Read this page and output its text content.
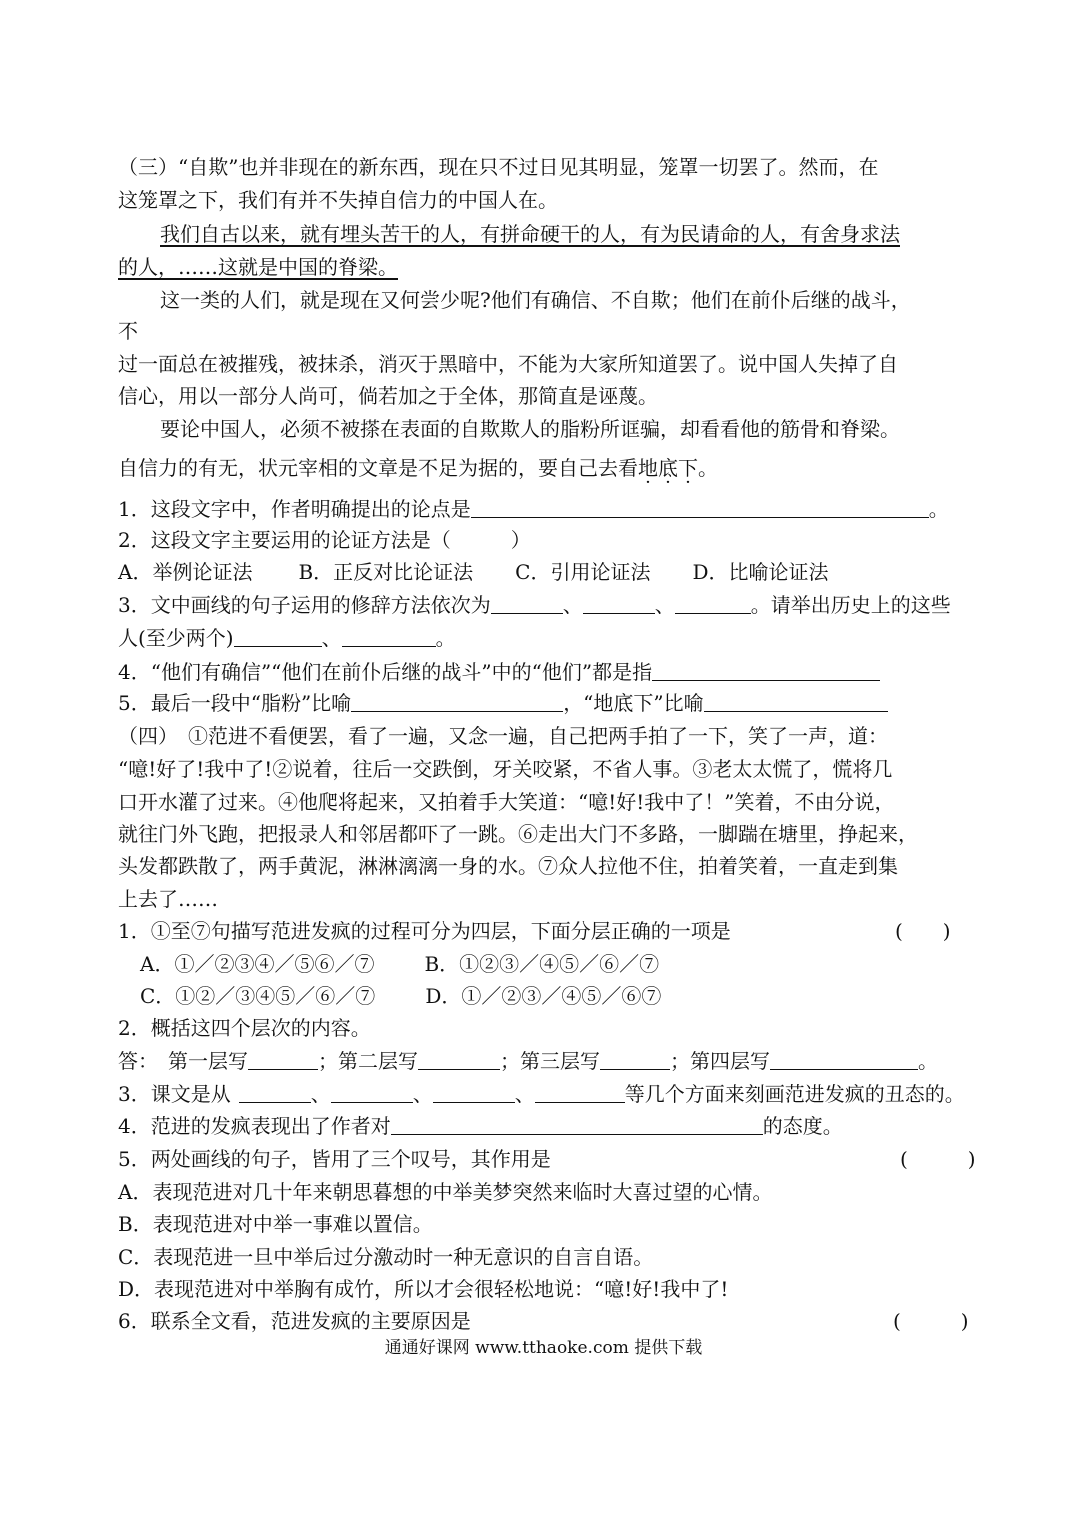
（三）“自欺”也并非现在的新东西，现在只不过日见其明显，笼罩一切罢了。然而，在
这笼罩之下，我们有并不失掉自信力的中国人在。
我们自古以来，就有埋头苦干的人，有拼命硬干的人，有为民请命的人，有舍身求法
的人，……这就是中国的脊梁。
这一类的人们，就是现在又何尝少呢?他们有确信、不自欺；他们在前仆后继的战斗，
不
过一面总在被摧残，被抹杀，消灭于黑暗中，不能为大家所知道罢了。说中国人失掉了自
信心，用以一部分人尚可，倘若加之于全体，那简直是诬蔑。
要论中国人，必须不被搽在表面的自欺欺人的脂粉所诓骗，却看看他的筋骨和脊梁。
自信力的有无，状元宰相的文章是不足为据的，要自己去看地底下。
1．这段文字中，作者明确提出的论点是	。
2．这段文字主要运用的论证方法是（　　　）
A．举例论证法 B．正反对比论证法 C．引用论证法 D．比喻论证法
3．文中画线的句子运用的修辞方法依次为	、	、	。请举出历史上的这些
人(至少两个)	、	。
4．“他们有确信”“他们在前仆后继的战斗”中的“他们”都是指
5．最后一段中“脂粉”比喻	，“地底下”比喻
（四）　①范进不看便罢，看了一遍，又念一遍，自己把两手拍了一下，笑了一声，道：
“噫!好了!我中了!②说着，往后一交跌倒，牙关咬紧，不省人事。③老太太慌了，慌将几
口开水灌了过来。④他爬将起来，又拍着手大笑道：“噫!好!我中了！”笑着，不由分说，
就往门外飞跑，把报录人和邻居都吓了一跳。⑥走出大门不多路，一脚踹在塘里，挣起来，
头发都跌散了，两手黄泥，淋淋漓漓一身的水。⑦众人拉他不住，拍着笑着，一直走到集
上去了……
1．①至⑦句描写范进发疯的过程可分为四层，下面分层正确的一项是	(　　)
A．①／②③④／⑤⑥／⑦	B．①②③／④⑤／⑥／⑦
C．①②／③④⑤／⑥／⑦	D．①／②③／④⑤／⑥⑦
2．概括这四个层次的内容。
答：　第一层写	；第二层写	；第三层写	；第四层写	。
3．课文是从	、	、	、	等几个方面来刻画范进发疯的丑态的。
4．范进的发疯表现出了作者对	的态度。
5．两处画线的句子，皆用了三个叹号，其作用是	(　　　)
A．表现范进对几十年来朝思暮想的中举美梦突然来临时大喜过望的心情。
B．表现范进对中举一事难以置信。
C．表现范进一旦中举后过分激动时一种无意识的自言自语。
D．表现范进对中举胸有成竹，所以才会很轻松地说：“噫!好!我中了!
6．联系全文看，范进发疯的主要原因是	(　　　)
通通好课网 www.tthaoke.com 提供下载
